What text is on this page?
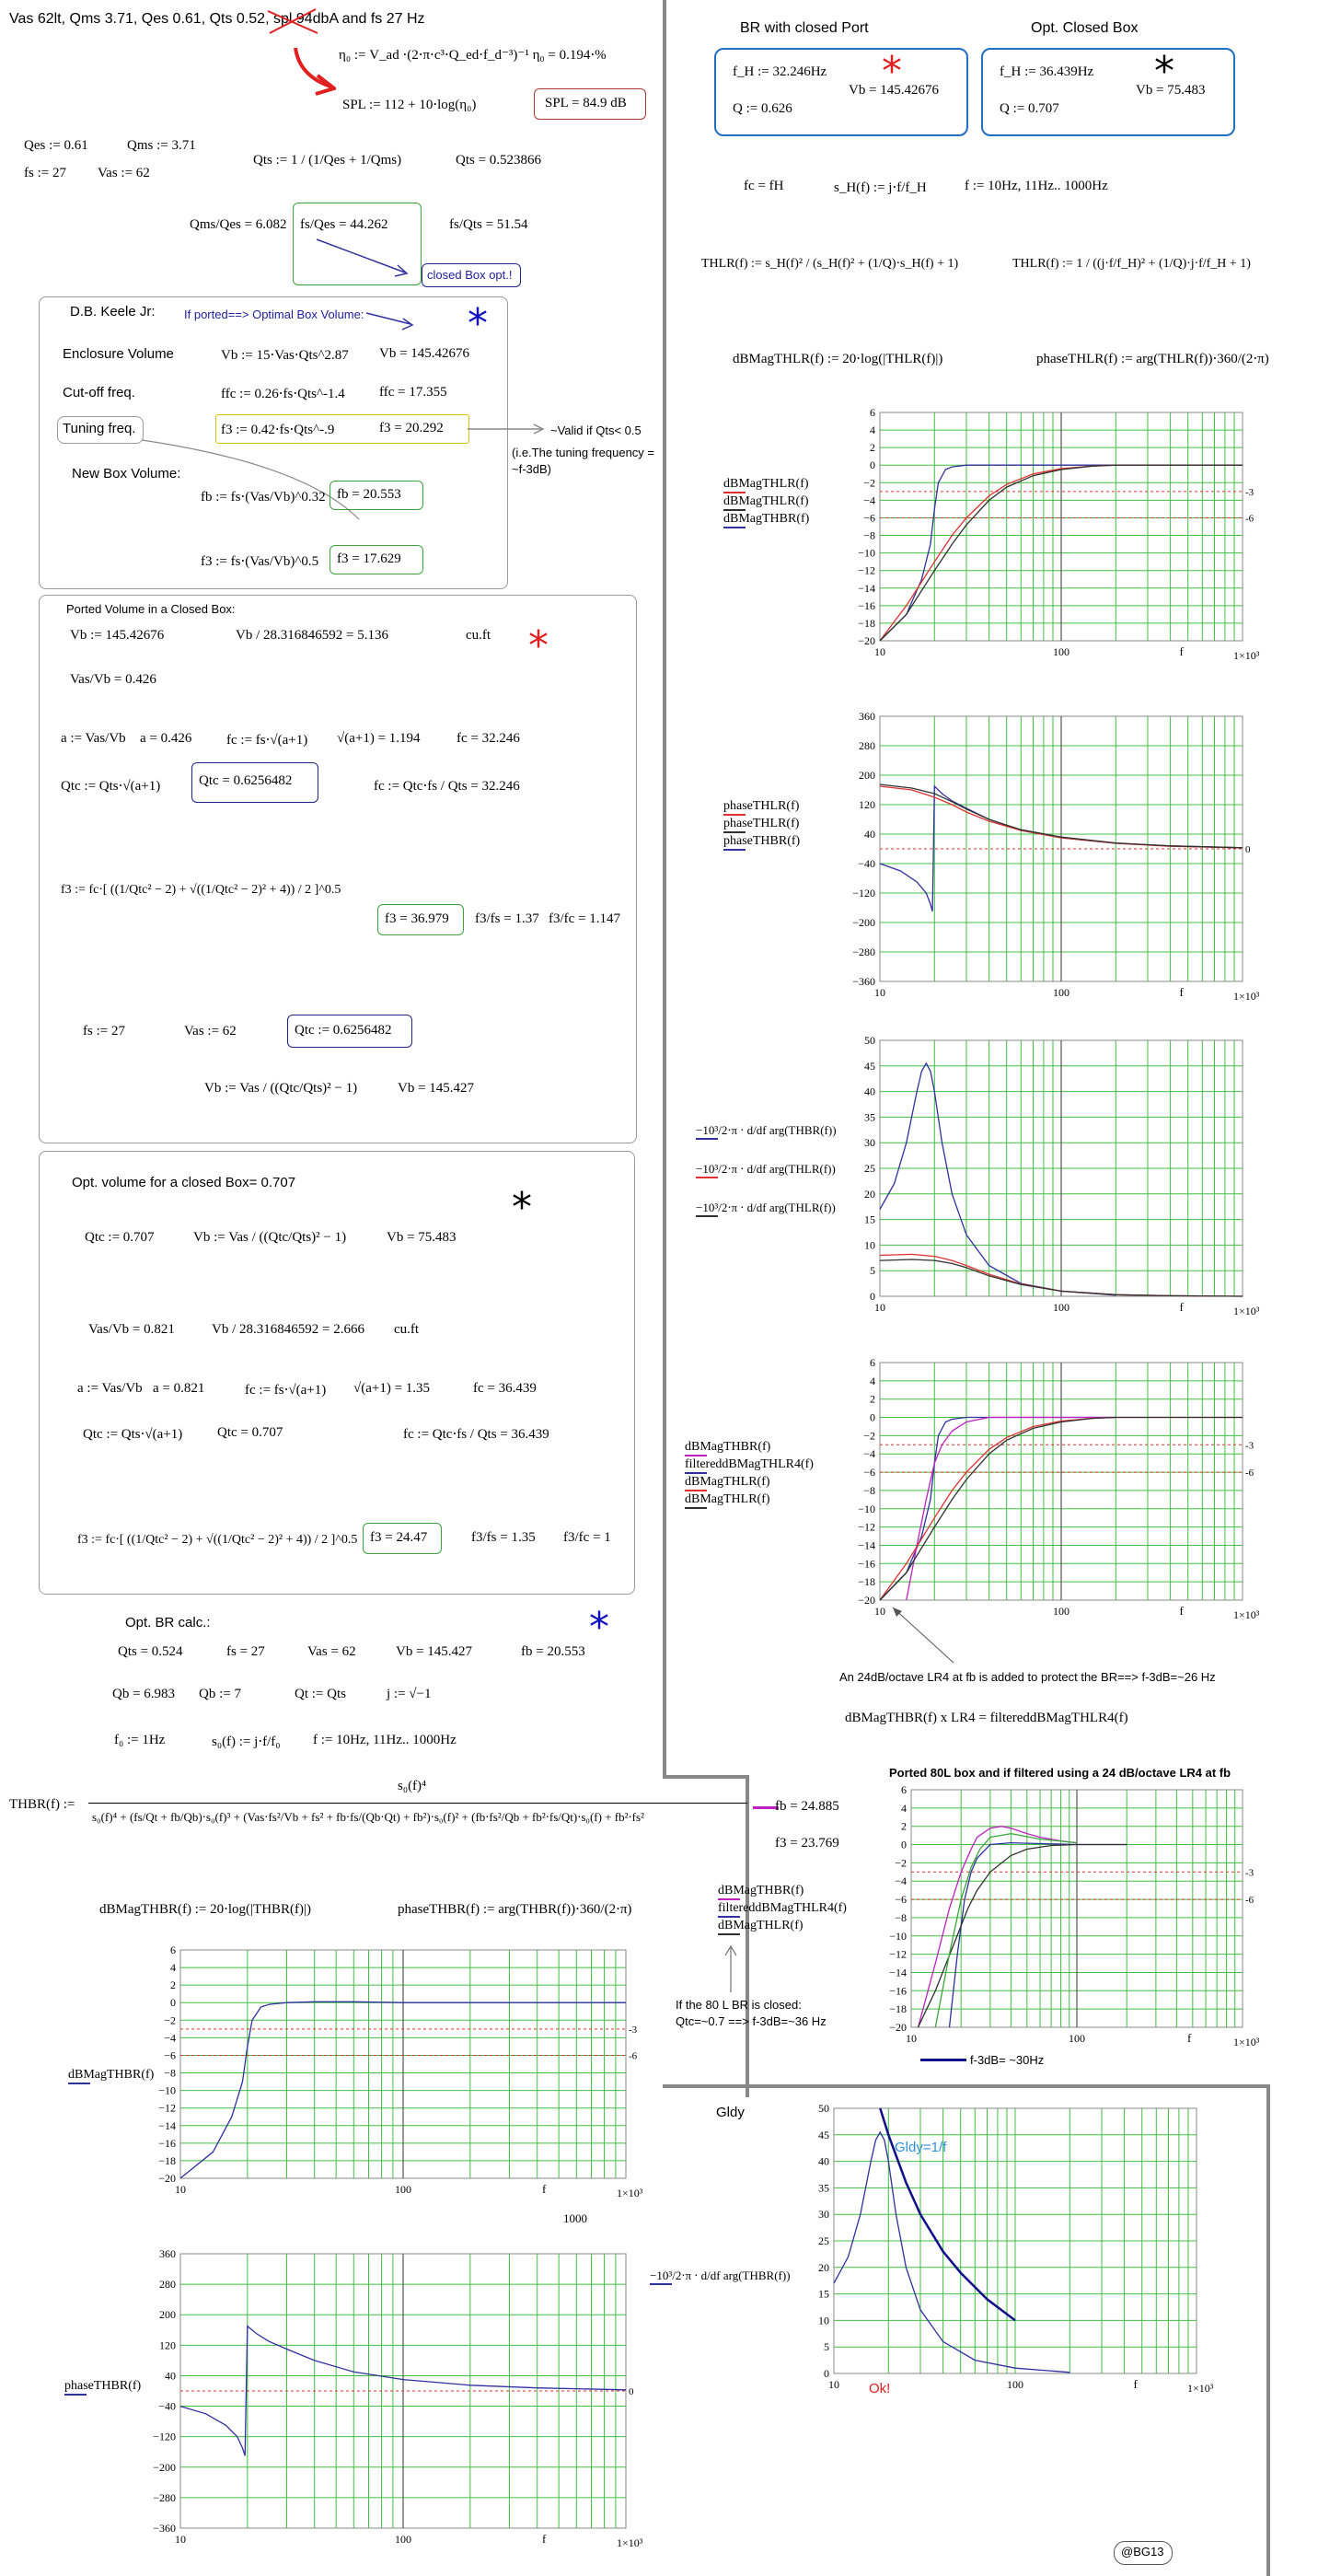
Vas 62lt, Qms 3.71, Qes 0.61, Qts 0.52, spl 94dbA and fs 27 Hz
η₀ := V_ad ⋅(2⋅π⋅c³⋅Q_ed⋅f_d⁻³)⁻¹ η₀ = 0.194⋅%
SPL := 112 + 10⋅log(η₀)	SPL = 84.9 dB
Qes := 0.61	Qms := 3.71
fs := 27 Vas := 62
Qts := 1 / (1/Qes + 1/Qms)	Qts = 0.523866
Qms/Qes = 6.082 fs/Qes = 44.262	fs/Qts = 51.54
closed Box opt.!
D.B. Keele Jr: If ported==> Optimal Box Volume:	*
Enclosure Volume	Vb := 15⋅Vas⋅Qts^2.87 Vb = 145.42676
Cut-off freq.	ffc := 0.26⋅fs⋅Qts^-1.4 ffc = 17.355
Tuning freq.	f3 := 0.42⋅fs⋅Qts^-.9	f3 = 20.292	~Valid if Qts< 0.5
(i.e.The tuning frequency =
~f-3dB)
New Box Volume:
fb := fs⋅(Vas/Vb)^0.32 fb = 20.553
f3 := fs⋅(Vas/Vb)^0.5 f3 = 17.629
Ported Volume in a Closed Box:
*
Vb := 145.42676	Vb / 28.316846592 = 5.136	cu.ft
Vas/Vb = 0.426
a := Vas/Vb a = 0.426	fc := fs⋅√(a+1) √(a+1) = 1.194	fc = 32.246
Qtc := Qts⋅√(a+1)	Qtc = 0.6256482	fc := Qtc⋅fs / Qts = 32.246
f3 := fc⋅[ ((1/Qtc² − 2) + √((1/Qtc² − 2)² + 4)) / 2 ]^0.5
f3 = 36.979 f3/fs = 1.37 f3/fc = 1.147
fs := 27	Vas := 62	Qtc := 0.6256482
Vb := Vas / ((Qtc/Qts)² − 1)	Vb = 145.427
Opt. volume for a closed Box= 0.707
*
Qtc := 0.707	Vb := Vas / ((Qtc/Qts)² − 1)	Vb = 75.483
Vas/Vb = 0.821	Vb / 28.316846592 = 2.666 cu.ft
a := Vas/Vb a = 0.821	fc := fs⋅√(a+1) √(a+1) = 1.35	fc = 36.439
Qtc := Qts⋅√(a+1)	Qtc = 0.707	fc := Qtc⋅fs / Qts = 36.439
f3 := fc⋅[ ((1/Qtc² − 2) + √((1/Qtc² − 2)² + 4)) / 2 ]^0.5 f3 = 24.47	f3/fs = 1.35 f3/fc = 1
Opt. BR calc.:	*
Qts = 0.524	fs = 27	Vas = 62	Vb = 145.427	fb = 20.553
Qb = 6.983 Qb := 7	Qt := Qts	j := √−1
f₀ := 1Hz	s₀(f) := j⋅f/f₀ f := 10Hz, 11Hz.. 1000Hz
THBR(f) :=
s₀(f)⁴
s₀(f)⁴ + (fs/Qt + fb/Qb)⋅s₀(f)³ + (Vas⋅fs²/Vb + fs² + fb⋅fs/(Qb⋅Qt) + fb²)⋅s₀(f)² + (fb⋅fs²/Qb + fb²⋅fs/Qt)⋅s₀(f) + fb²⋅fs²
fb = 24.885
f3 = 23.769
dBMagTHBR(f) := 20⋅log(|THBR(f)|)	phaseTHBR(f) := arg(THBR(f))⋅360/(2⋅π)
BR with closed Port	Opt. Closed Box
f_H := 32.246Hz
Q := 0.626
Vb = 145.42676
*	f_H := 36.439Hz
Q := 0.707
Vb = 75.483
*
fc = fH	s_H(f) := j⋅f/f_H	f := 10Hz, 11Hz.. 1000Hz
THLR(f) := s_H(f)² / (s_H(f)² + (1/Q)⋅s_H(f) + 1)	THLR(f) := 1 / ((j⋅f/f_H)² + (1/Q)⋅j⋅f/f_H + 1)
dBMagTHLR(f) := 20⋅log(|THLR(f)|)	phaseTHLR(f) := arg(THLR(f))⋅360/(2⋅π)
6
4
2
0
−2
−4
−6
−8
−10
−12
−14
−16
−18
−20
10	100	f	1×10³
-3
-6
dBMagTHLR(f)
dBMagTHLR(f)
dBMagTHBR(f)
360
280
200
120
40
−40
−120
−200
−280
−360
10	100	f	1×10³
0
phaseTHLR(f)
phaseTHLR(f)
phaseTHBR(f)
50
45
40
35
30
25
20
15
10
5
0
10	100	f	1×10³
−10³/2⋅π ⋅ d/df arg(THBR(f))
−10³/2⋅π ⋅ d/df arg(THLR(f))
−10³/2⋅π ⋅ d/df arg(THLR(f))
6
4
2
0
−2
−4
−6
−8
−10
−12
−14
−16
−18
−20
10	100	f	1×10³
-3
-6
dBMagTHBR(f)
filtereddBMagTHLR4(f)
dBMagTHLR(f)
dBMagTHLR(f)
An 24dB/octave LR4 at fb is added to protect the BR==> f-3dB=~26 Hz
dBMagTHBR(f) x LR4 = filtereddBMagTHLR4(f)
Ported 80L box and if filtered using a 24 dB/octave LR4 at fb
6
4
2
0
−2
−4
−6
−8
−10
−12
−14
−16
−18
−20
10	100	f	1×10³
-3
-6
dBMagTHBR(f)
filtereddBMagTHLR4(f)
dBMagTHLR(f)
If the 80 L BR is closed:
Qtc=~0.7 ==> f-3dB=~36 Hz
f-3dB= ~30Hz
Gldy	50
45
40
35
30
25
20
15
10
5
0
10	100	f	1×10³
−10³/2⋅π ⋅ d/df arg(THBR(f))
Gldy=1/f
Ok!
@BG13
6
4
2
0
−2
−4
−6
−8
−10
−12
−14
−16
−18
−20
10	100	f	1×10³
-3
-6
dBMagTHBR(f)
1000
360
280
200
120
40
−40
−120
−200
−280
−360
10	100	f	1×10³
0
phaseTHBR(f)
